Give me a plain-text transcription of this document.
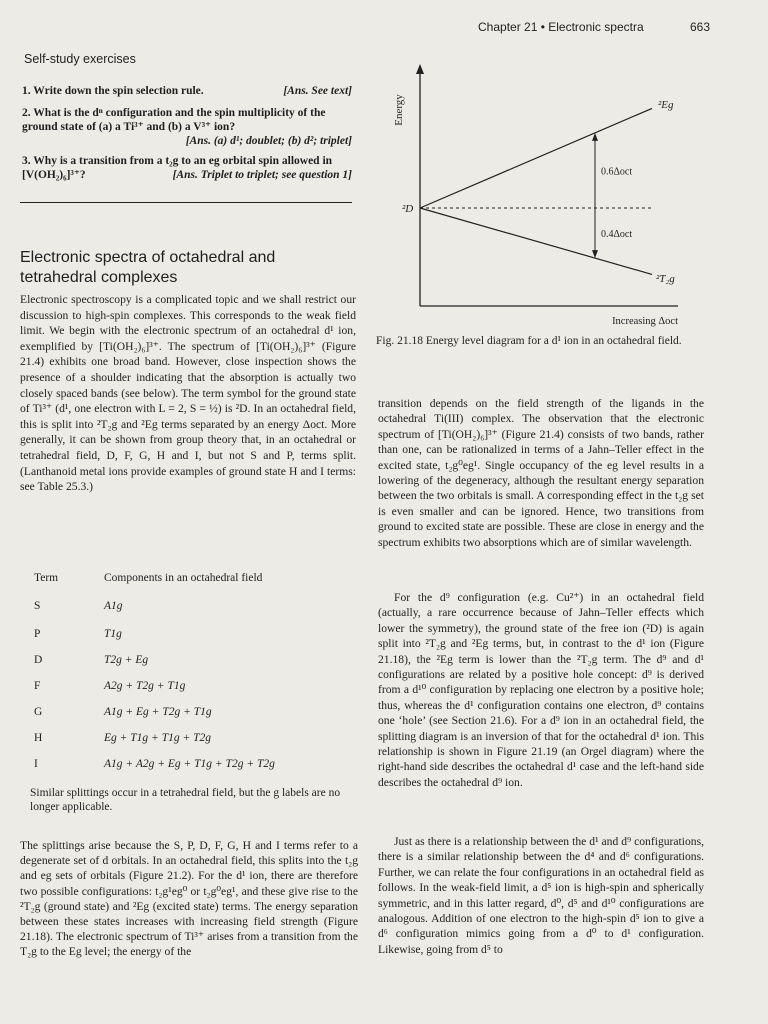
Chapter 21 • Electronic spectra	663
Self-study exercises
1. Write down the spin selection rule.	[Ans. See text]
2. What is the dⁿ configuration and the spin multiplicity of the ground state of (a) a Ti³⁺ and (b) a V³⁺ ion?

[Ans. (a) d¹; doublet; (b) d²; triplet]
3. Why is a transition from a t₂g to an eg orbital spin allowed in [V(OH₂)₆]³⁺?	[Ans. Triplet to triplet; see question 1]
Electronic spectra of octahedral and tetrahedral complexes
Electronic spectroscopy is a complicated topic and we shall restrict our discussion to high-spin complexes. This corresponds to the weak field limit. We begin with the electronic spectrum of an octahedral d¹ ion, exemplified by [Ti(OH₂)₆]³⁺. The spectrum of [Ti(OH₂)₆]³⁺ (Figure 21.4) exhibits one broad band. However, close inspection shows the presence of a shoulder indicating that the absorption is actually two closely spaced bands (see below). The term symbol for the ground state of Ti³⁺ (d¹, one electron with L = 2, S = ½) is ²D. In an octahedral field, this is split into ²T₂g and ²Eg terms separated by an energy Δoct. More generally, it can be shown from group theory that, in an octahedral or tetrahedral field, D, F, G, H and I, but not S and P, terms split. (Lanthanoid metal ions provide examples of ground state H and I terms: see Table 25.3.)
Term	Components in an octahedral field
S	A1g
P	T1g
D	T2g + Eg
F	A2g + T2g + T1g
G	A1g + Eg + T2g + T1g
H	Eg + T1g + T1g + T2g
I	A1g + A2g + Eg + T1g + T2g + T2g
Similar splittings occur in a tetrahedral field, but the g labels are no longer applicable.
The splittings arise because the S, P, D, F, G, H and I terms refer to a degenerate set of d orbitals. In an octahedral field, this splits into the t₂g and eg sets of orbitals (Figure 21.2). For the d¹ ion, there are therefore two possible configurations: t₂g¹eg⁰ or t₂g⁰eg¹, and these give rise to the ²T₂g (ground state) and ²Eg (excited state) terms. The energy separation between these states increases with increasing field strength (Figure 21.18). The electronic spectrum of Ti³⁺ arises from a transition from the T₂g to the Eg level; the energy of the
Energy
Increasing Δoct
²D
²Eg
²T₂g
0.6Δoct
0.4Δoct
Fig. 21.18 Energy level diagram for a d¹ ion in an octahedral field.
transition depends on the field strength of the ligands in the octahedral Ti(III) complex. The observation that the electronic spectrum of [Ti(OH₂)₆]³⁺ (Figure 21.4) consists of two bands, rather than one, can be rationalized in terms of a Jahn–Teller effect in the excited state, t₂g⁰eg¹. Single occupancy of the eg level results in a lowering of the degeneracy, although the resultant energy separation between the two orbitals is small. A corresponding effect in the t₂g set is even smaller and can be ignored. Hence, two transitions from ground to excited state are possible. These are close in energy and the spectrum exhibits two absorptions which are of similar wavelength.
For the d⁹ configuration (e.g. Cu²⁺) in an octahedral field (actually, a rare occurrence because of Jahn–Teller effects which lower the symmetry), the ground state of the free ion (²D) is again split into ²T₂g and ²Eg terms, but, in contrast to the d¹ ion (Figure 21.18), the ²Eg term is lower than the ²T₂g term. The d⁹ and d¹ configurations are related by a positive hole concept: d⁹ is derived from a d¹⁰ configuration by replacing one electron by a positive hole; thus, whereas the d¹ configuration contains one electron, d⁹ contains one ‘hole’ (see Section 21.6). For a d⁹ ion in an octahedral field, the splitting diagram is an inversion of that for the octahedral d¹ ion. This relationship is shown in Figure 21.19 (an Orgel diagram) where the right-hand side describes the octahedral d¹ case and the left-hand side describes the octahedral d⁹ ion.
Just as there is a relationship between the d¹ and d⁹ configurations, there is a similar relationship between the d⁴ and d⁶ configurations. Further, we can relate the four configurations in an octahedral field as follows. In the weak-field limit, a d⁵ ion is high-spin and spherically symmetric, and in this latter regard, d⁰, d⁵ and d¹⁰ configurations are analogous. Addition of one electron to the high-spin d⁵ ion to give a d⁶ configuration mimics going from a d⁰ to d¹ configuration. Likewise, going from d⁵ to
